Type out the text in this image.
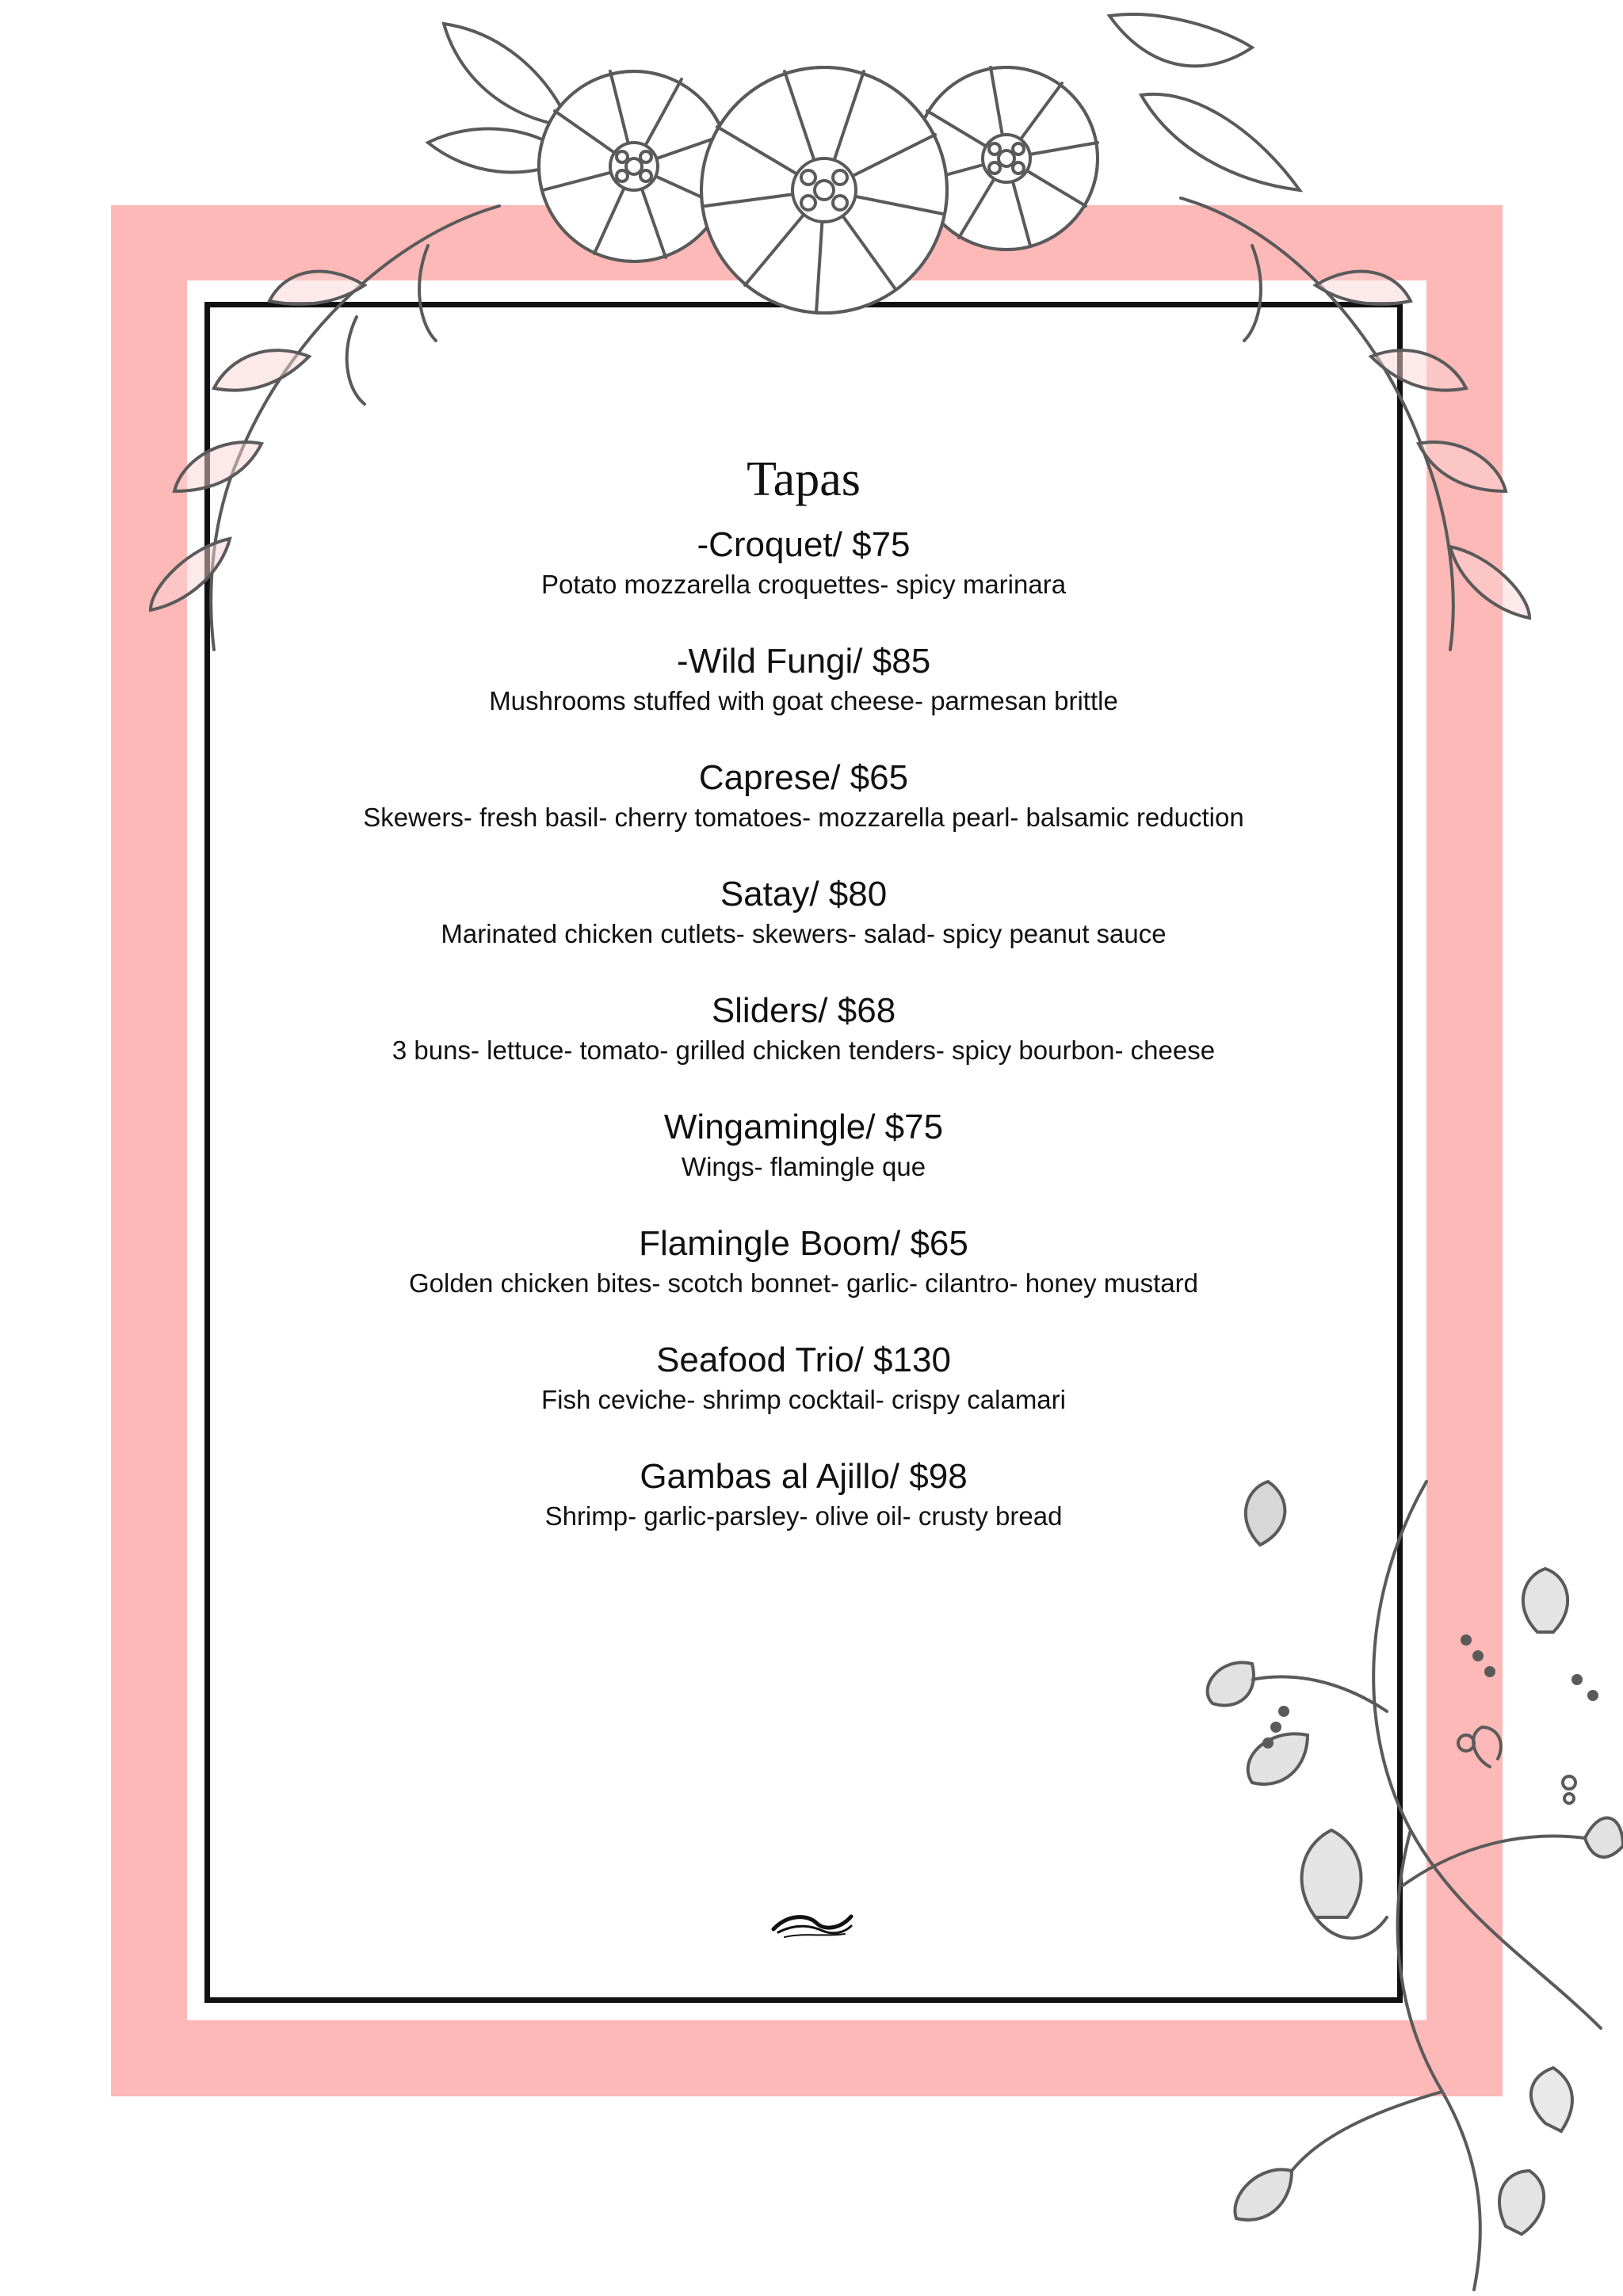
Tapas
-Croquet/ $75
Potato mozzarella croquettes- spicy marinara
-Wild Fungi/ $85
Mushrooms stuffed with goat cheese- parmesan brittle
Caprese/ $65
Skewers- fresh basil- cherry tomatoes- mozzarella pearl- balsamic reduction
Satay/ $80
Marinated chicken cutlets- skewers- salad- spicy peanut sauce
Sliders/ $68
3 buns- lettuce- tomato- grilled chicken tenders- spicy bourbon- cheese
Wingamingle/ $75
Wings- flamingle que
Flamingle Boom/ $65
Golden chicken bites- scotch bonnet- garlic- cilantro- honey mustard
Seafood Trio/ $130
Fish ceviche- shrimp cocktail- crispy calamari
Gambas al Ajillo/ $98
Shrimp- garlic-parsley- olive oil- crusty bread
